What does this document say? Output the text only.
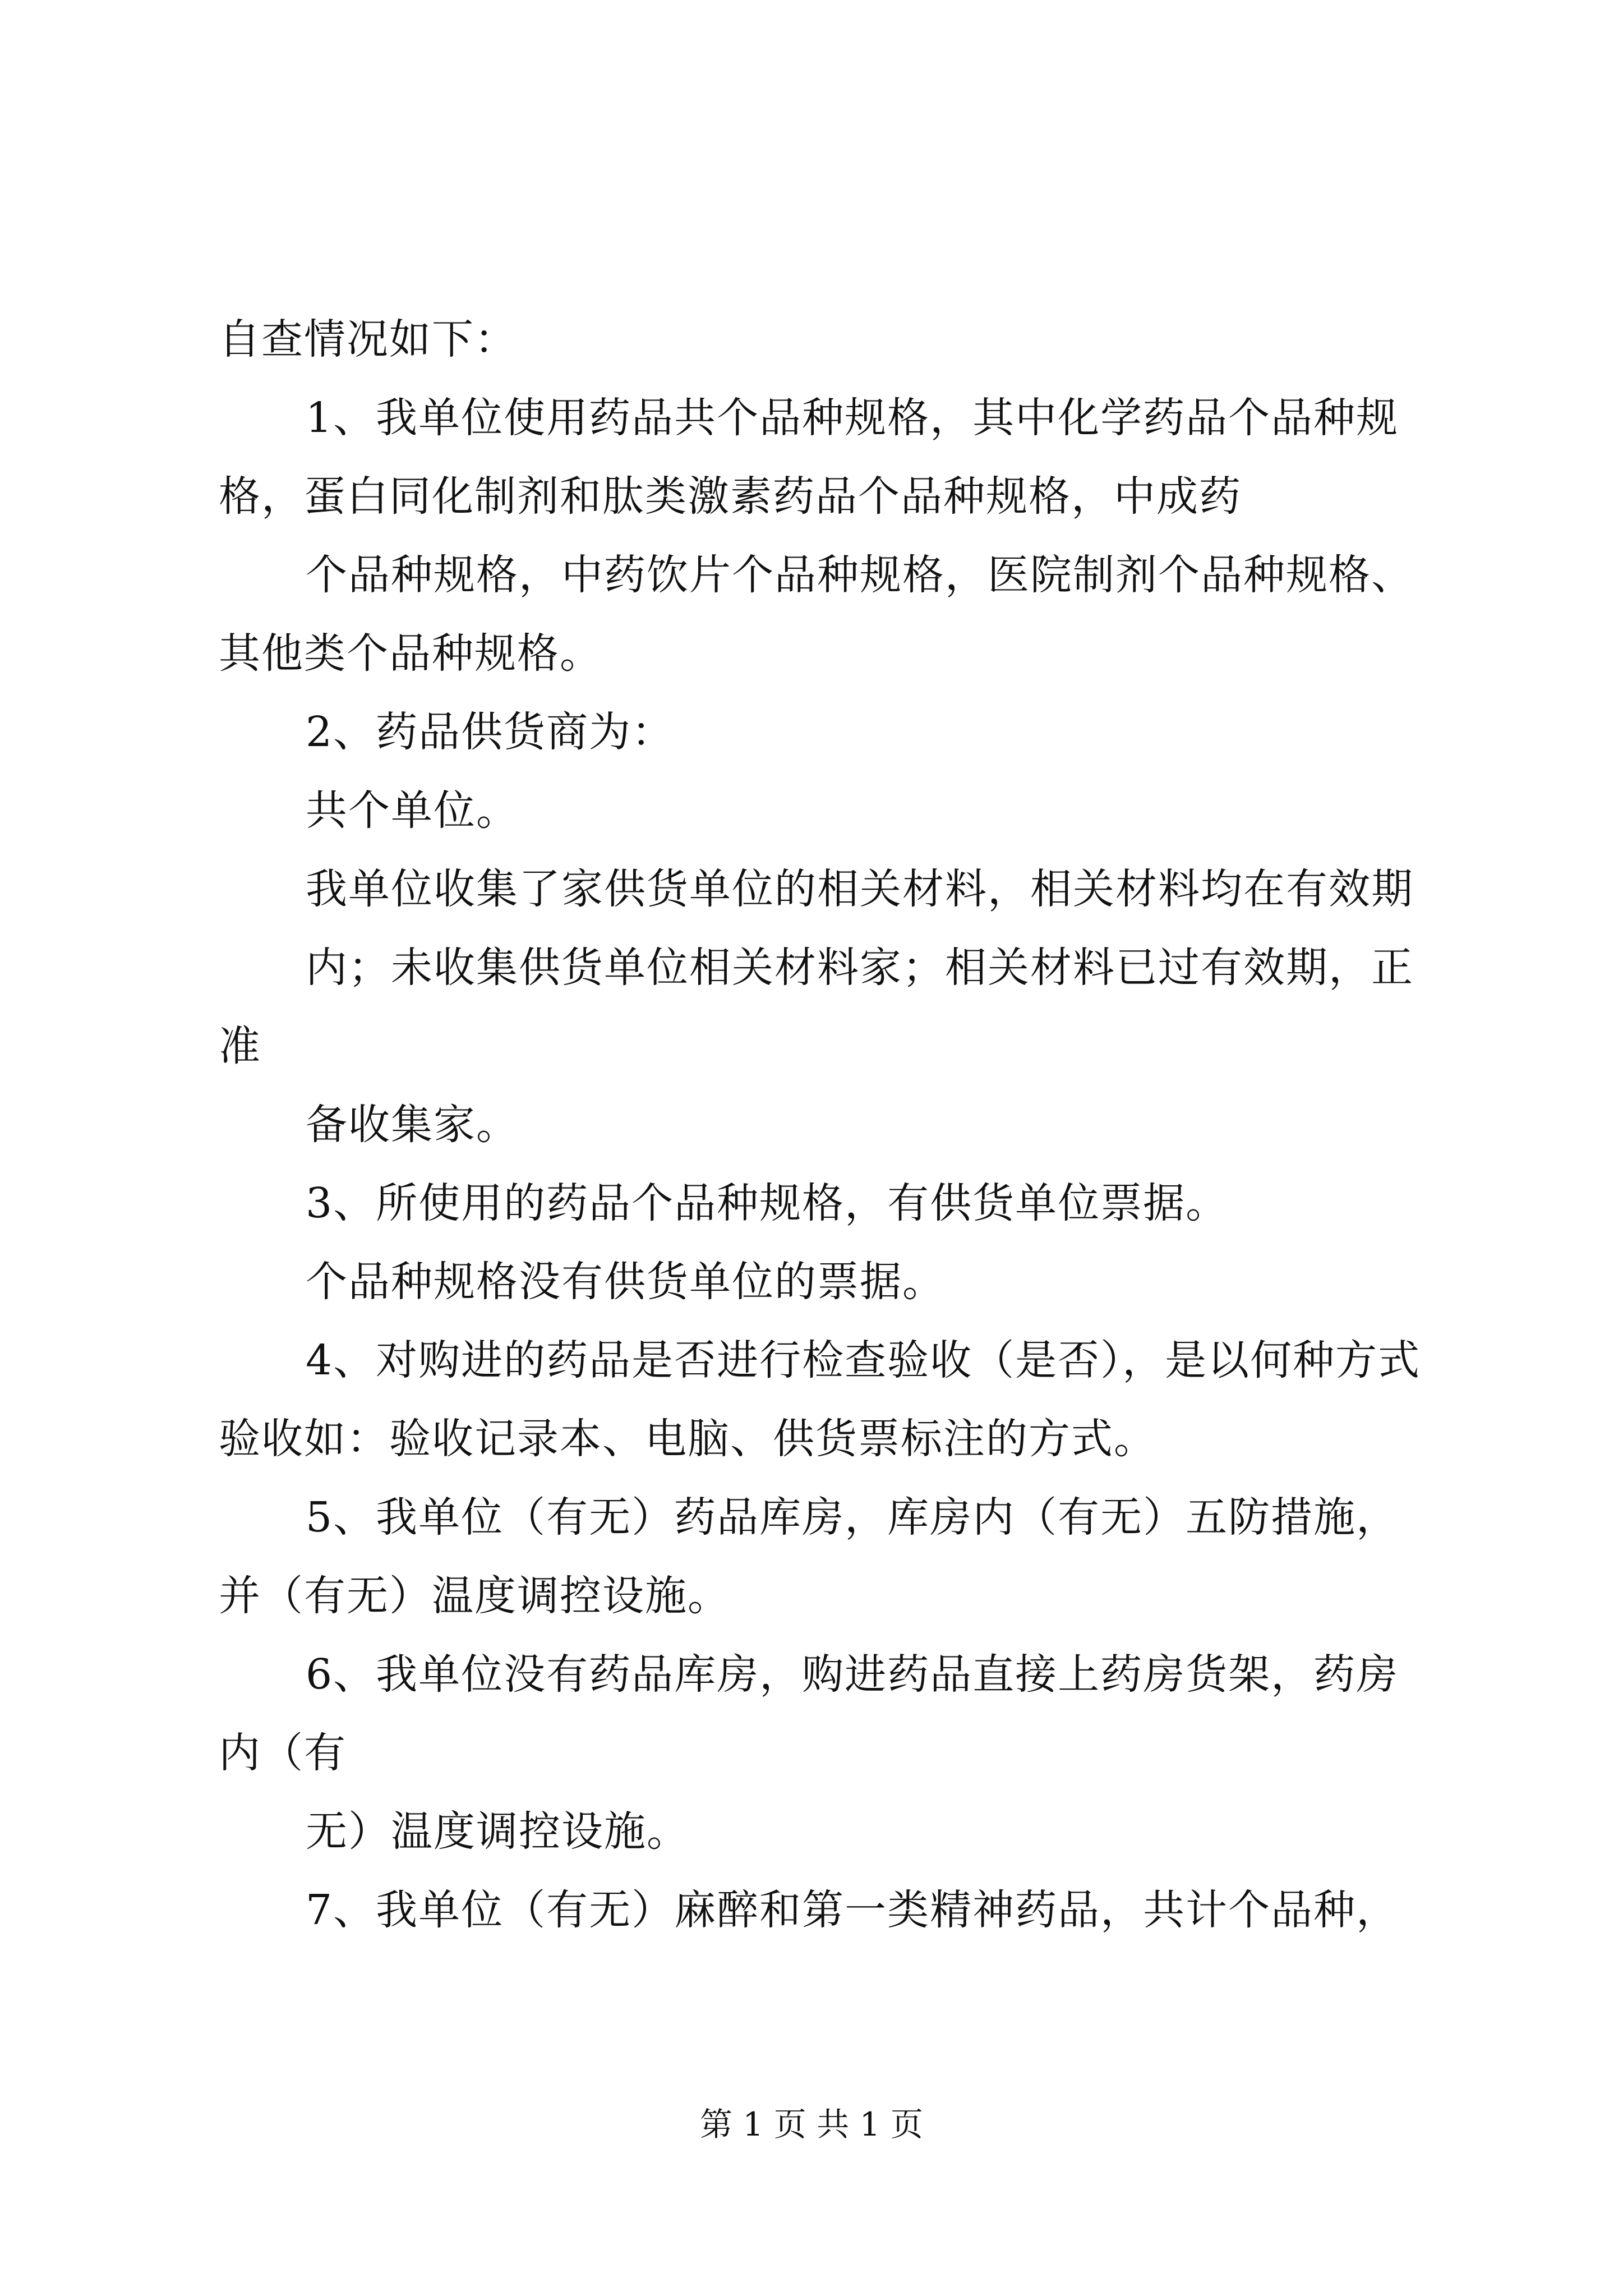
自查情况如下：
1、我单位使用药品共个品种规格，其中化学药品个品种规
格，蛋白同化制剂和肽类激素药品个品种规格，中成药
个品种规格，中药饮片个品种规格，医院制剂个品种规格、
其他类个品种规格。
2、药品供货商为：
共个单位。
我单位收集了家供货单位的相关材料，相关材料均在有效期
内；未收集供货单位相关材料家；相关材料已过有效期，正
准
备收集家。
3、所使用的药品个品种规格，有供货单位票据。
个品种规格没有供货单位的票据。
4、对购进的药品是否进行检查验收（是否），是以何种方式
验收如：验收记录本、电脑、供货票标注的方式。
5、我单位（有无）药品库房，库房内（有无）五防措施，
并（有无）温度调控设施。
6、我单位没有药品库房，购进药品直接上药房货架，药房
内（有
无）温度调控设施。
7、我单位（有无）麻醉和第一类精神药品，共计个品种，
第 1 页 共 1 页
